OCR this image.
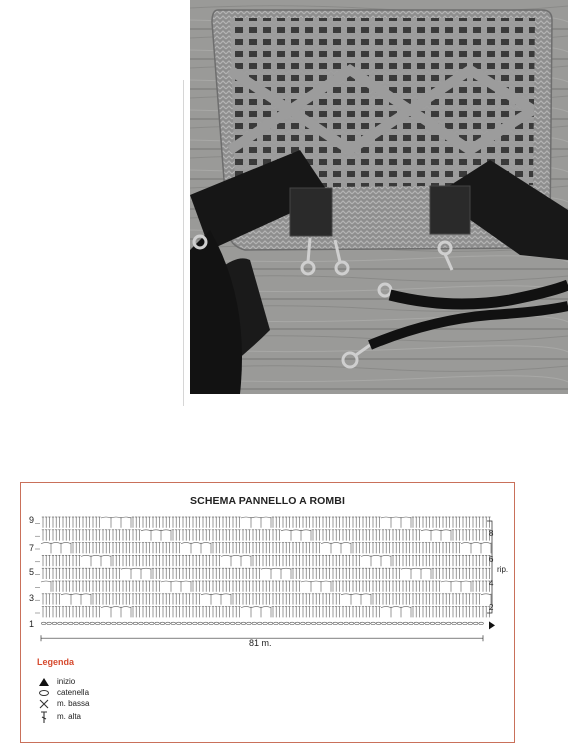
SCHEMA PANNELLO A ROMBI
9
7
5
3
1
8
6
4
2
rip.
81 m.
Legenda
inizio
catenella
m. bassa
m. alta
